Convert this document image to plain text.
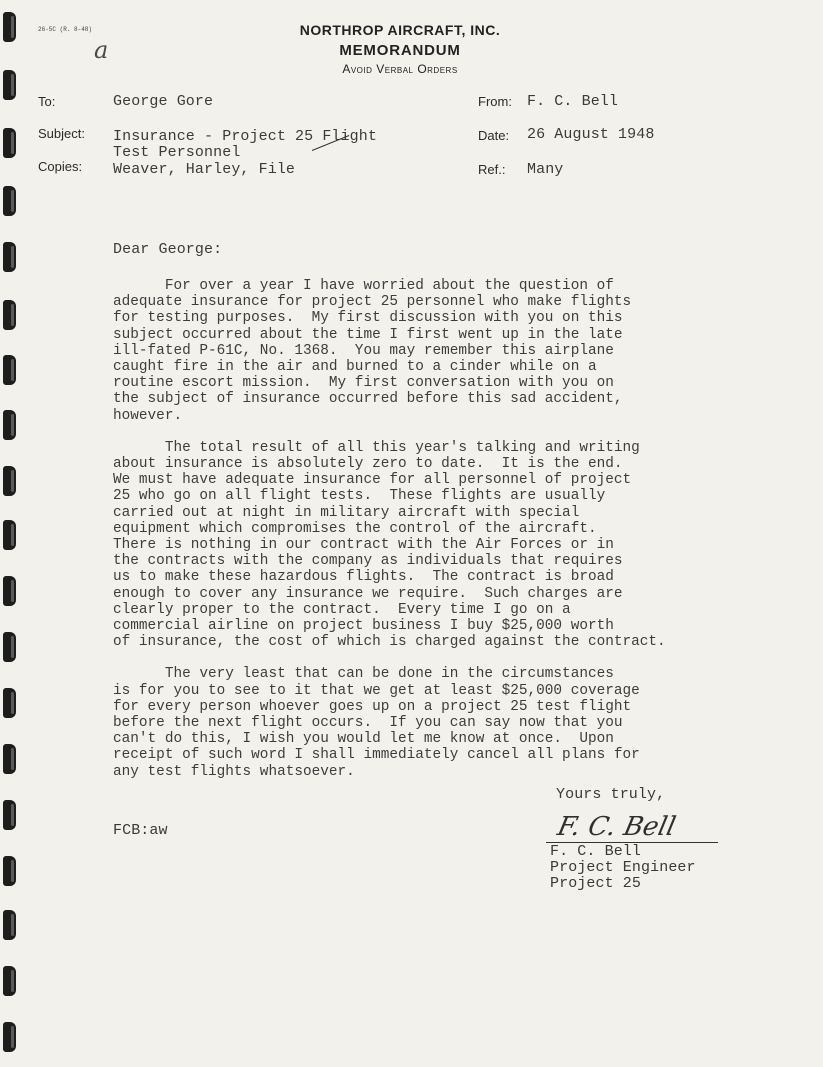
26-5C (R. 8-48)
a
NORTHROP AIRCRAFT, INC.
MEMORANDUM
Avoid Verbal Orders
To:	George Gore
Subject: Insurance - Project 25 Flight
Test Personnel
Copies: Weaver, Harley, File
From: F. C. Bell
Date: 26 August 1948
Ref.: Many
Dear George:
For over a year I have worried about the question of
adequate insurance for project 25 personnel who make flights
for testing purposes.  My first discussion with you on this
subject occurred about the time I first went up in the late
ill-fated P-61C, No. 1368.  You may remember this airplane
caught fire in the air and burned to a cinder while on a
routine escort mission.  My first conversation with you on
the subject of insurance occurred before this sad accident,
however.
The total result of all this year's talking and writing
about insurance is absolutely zero to date.  It is the end.
We must have adequate insurance for all personnel of project
25 who go on all flight tests.  These flights are usually
carried out at night in military aircraft with special
equipment which compromises the control of the aircraft.
There is nothing in our contract with the Air Forces or in
the contracts with the company as individuals that requires
us to make these hazardous flights.  The contract is broad
enough to cover any insurance we require.  Such charges are
clearly proper to the contract.  Every time I go on a
commercial airline on project business I buy $25,000 worth
of insurance, the cost of which is charged against the contract.
The very least that can be done in the circumstances
is for you to see to it that we get at least $25,000 coverage
for every person whoever goes up on a project 25 test flight
before the next flight occurs.  If you can say now that you
can't do this, I wish you would let me know at once.  Upon
receipt of such word I shall immediately cancel all plans for
any test flights whatsoever.
Yours truly,
FCB:aw	F. C. Bell
F. C. Bell
Project Engineer
Project 25
